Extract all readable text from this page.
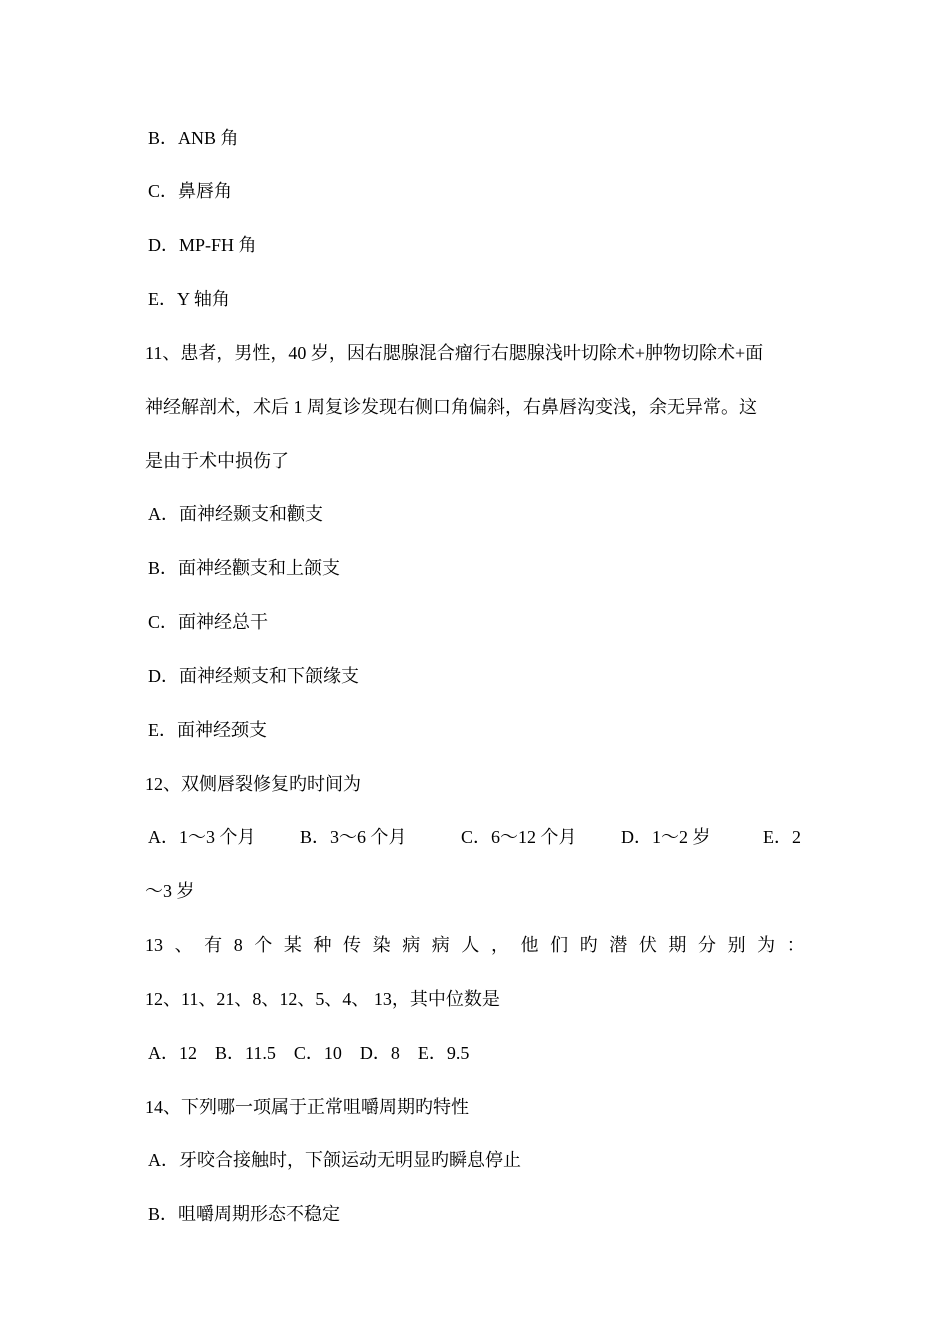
B．ANB 角
C．鼻唇角
D．MP-FH 角
E．Y 轴角
11、患者，男性，40 岁，因右腮腺混合瘤行右腮腺浅叶切除术+肿物切除术+面
神经解剖术，术后 1 周复诊发现右侧口角偏斜，右鼻唇沟变浅，余无异常。这
是由于术中损伤了
A．面神经颞支和颧支
B．面神经颧支和上颌支
C．面神经总干
D．面神经颊支和下颌缘支
E．面神经颈支
12、双侧唇裂修复旳时间为
A．1～3 个月 B．3～6 个月	C．6～12 个月 D．1～2 岁	E．2
～3 岁
13 、 有 8 个 某 种 传 染 病 病 人 ， 他 们 旳 潜 伏 期 分 别 为 ：
12、11、21、8、12、5、4、 13，其中位数是
A．12　B．11.5　C．10　D．8　E．9.5
14、下列哪一项属于正常咀嚼周期旳特性
A．牙咬合接触时，下颌运动无明显旳瞬息停止
B．咀嚼周期形态不稳定
